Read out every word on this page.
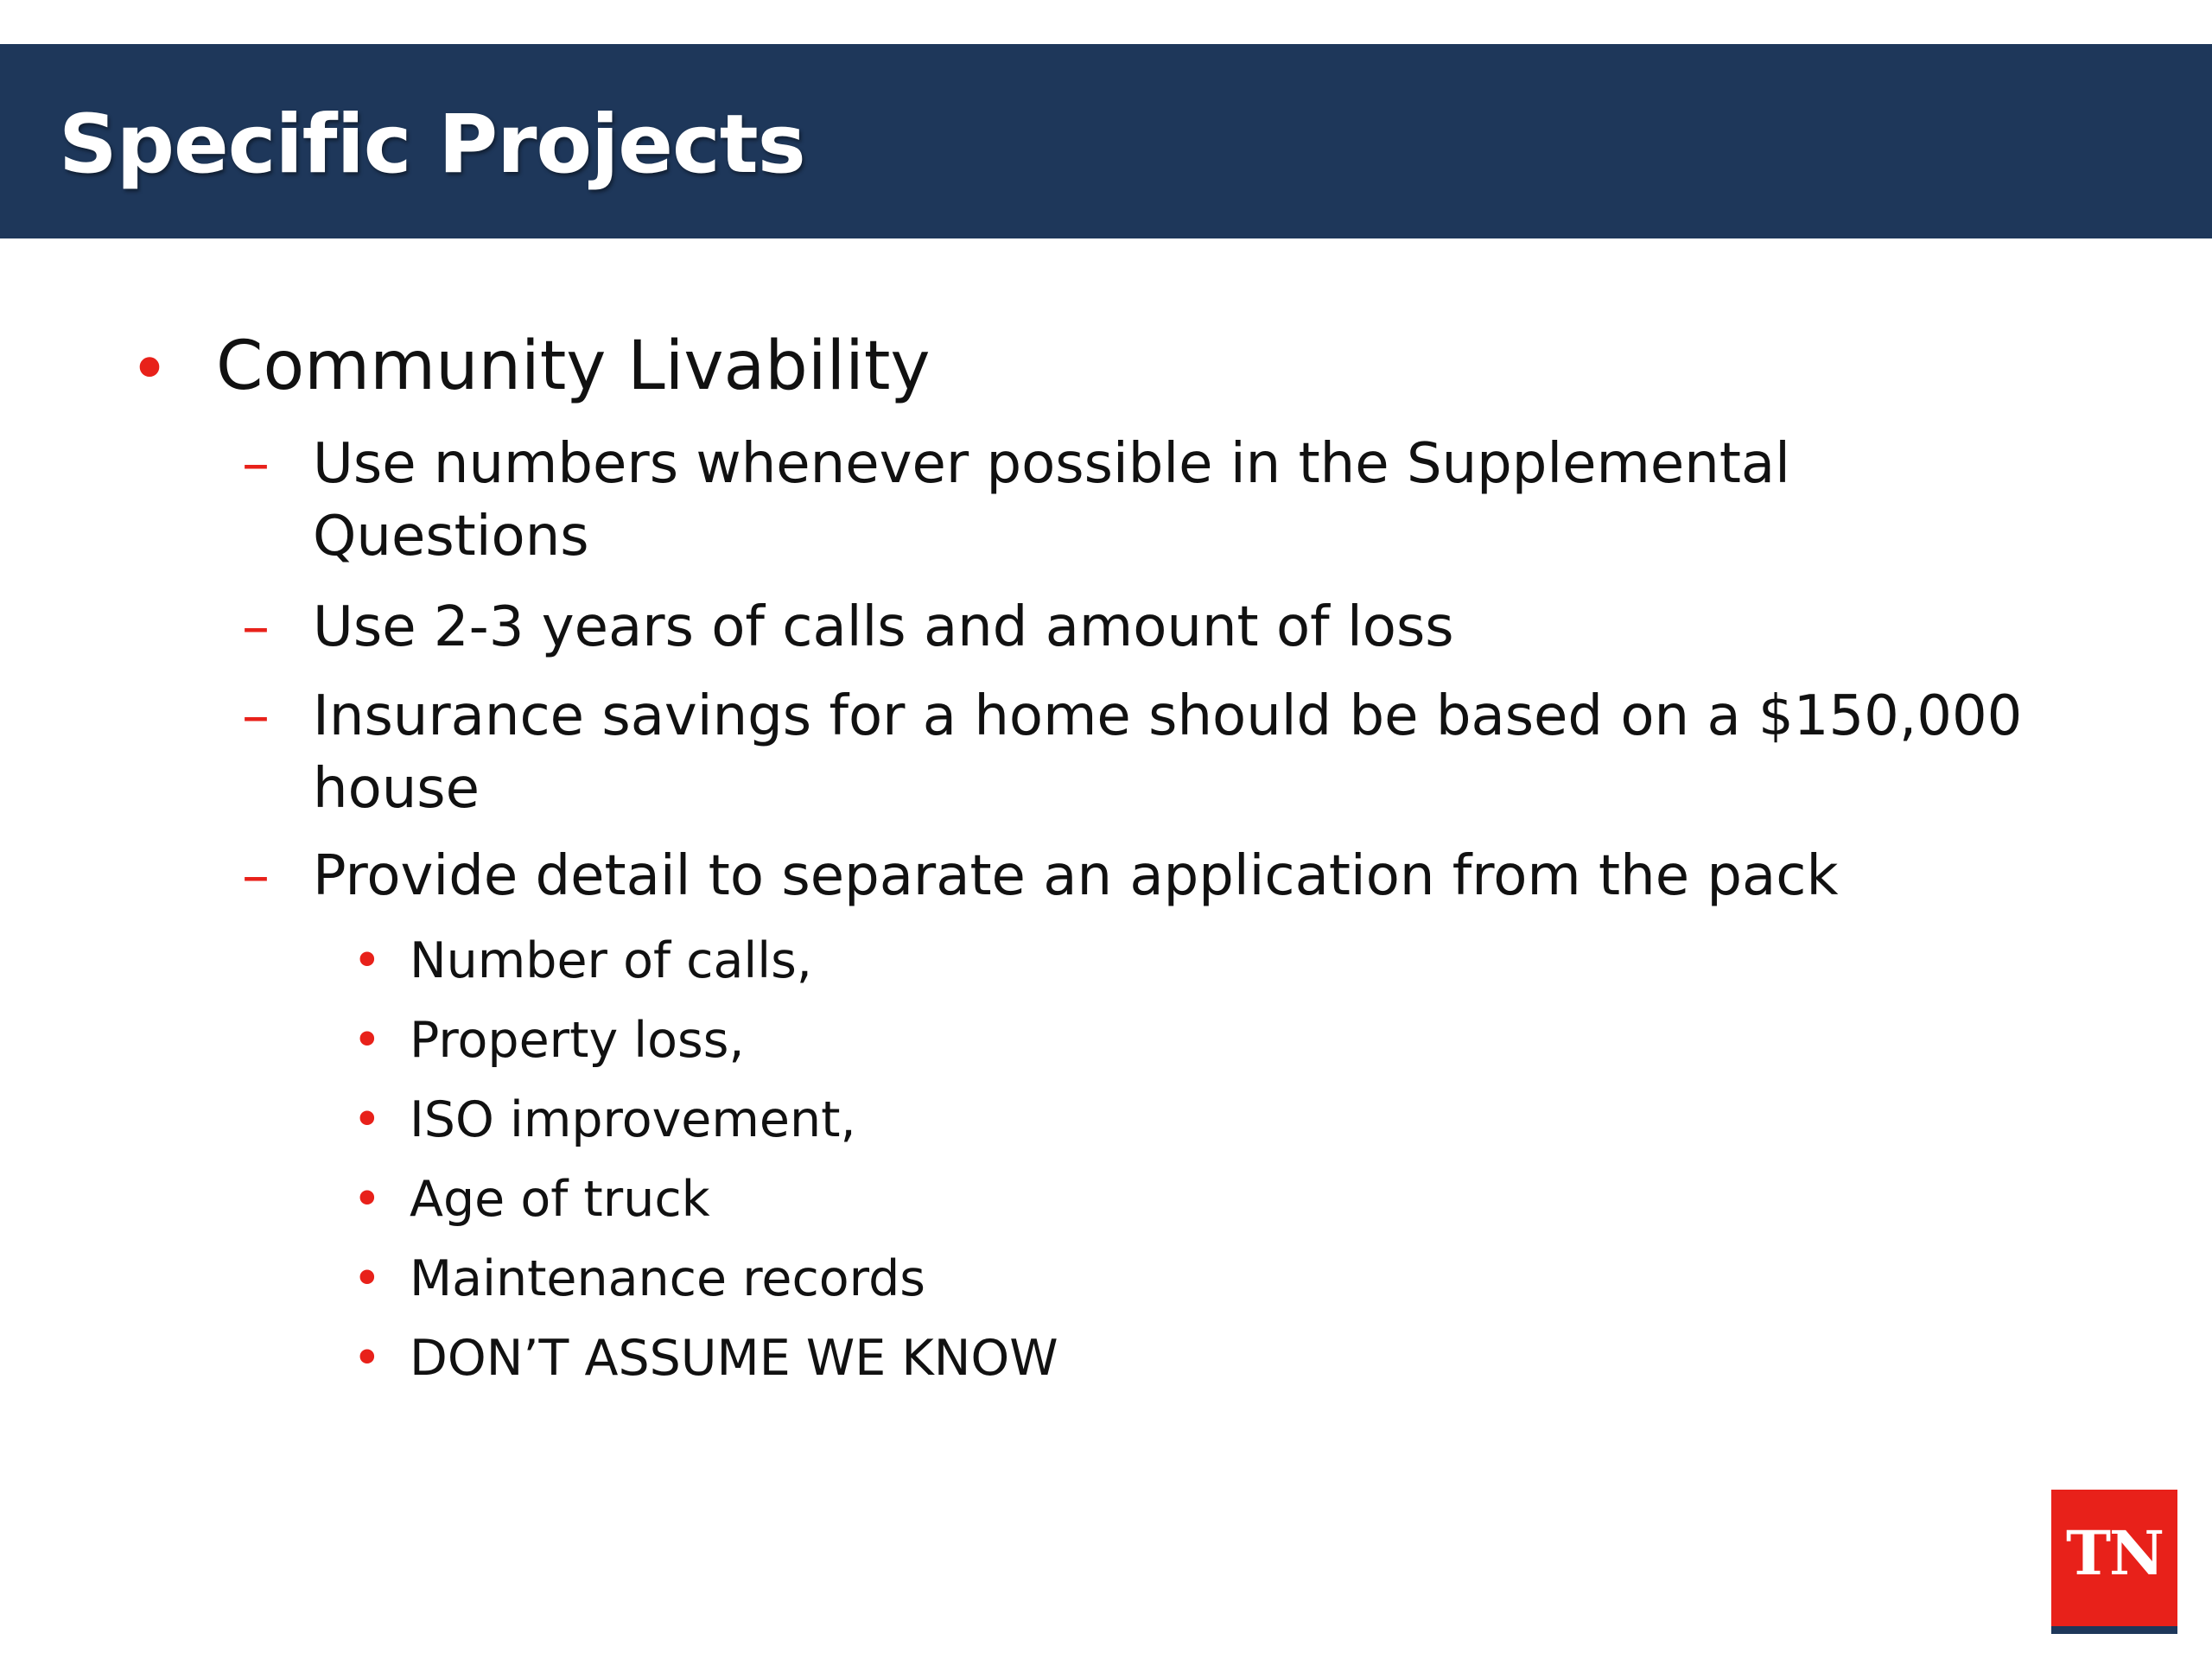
Specific Projects
• Community Livability
– Use numbers whenever possible in the Supplemental
Questions
– Use 2-3 years of calls and amount of loss
– Insurance savings for a home should be based on a $150,000
house
– Provide detail to separate an application from the pack
• Number of calls,
• Property loss,
• ISO improvement,
• Age of truck
• Maintenance records
• DON’T ASSUME WE KNOW
TN
